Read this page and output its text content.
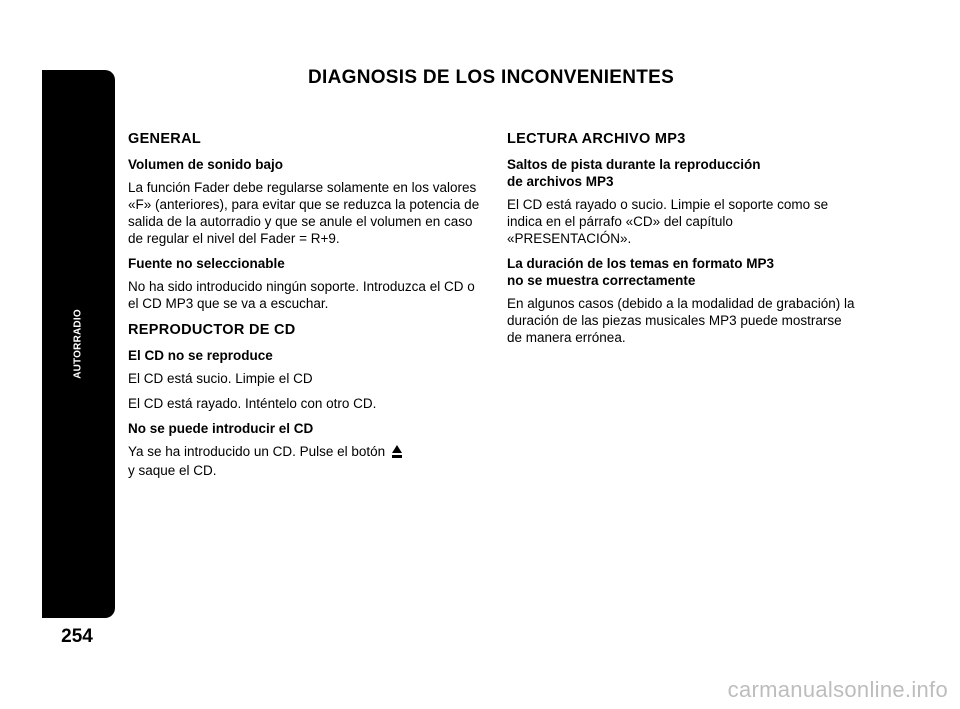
AUTORRADIO
254
DIAGNOSIS DE LOS INCONVENIENTES

GENERAL

Volumen de sonido bajo

La función Fader debe regularse solamente en los valores «F» (anteriores), para evitar que se reduzca la potencia de salida de la autorradio y que se anule el volumen en caso de regular el nivel del Fader = R+9.

Fuente no seleccionable

No ha sido introducido ningún soporte. Introduzca el CD o el CD MP3 que se va a escuchar.

REPRODUCTOR DE CD

El CD no se reproduce

El CD está sucio. Limpie el CD

El CD está rayado. Inténtelo con otro CD.

No se puede introducir el CD

Ya se ha introducido un CD. Pulse el botón
y saque el CD.

LECTURA ARCHIVO MP3

Saltos de pista durante la reproducción
de archivos MP3

El CD está rayado o sucio. Limpie el soporte como se indica en el párrafo «CD» del capítulo «PRESENTACIÓN».

La duración de los temas en formato MP3
no se muestra correctamente

En algunos casos (debido a la modalidad de grabación) la duración de las piezas musicales MP3 puede mostrarse de manera errónea.

carmanualsonline.info
